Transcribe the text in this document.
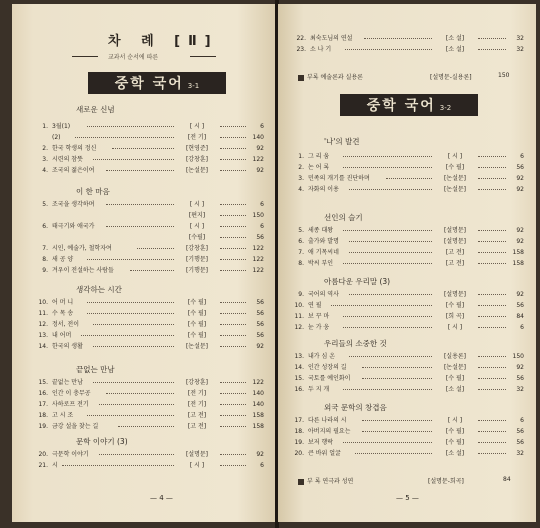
차 례 [Ⅱ]
교과서 순서에 따른
중학 국어 3-1
새로운 신념
1. 3월(1)	[ 시 ]	6
(2)	[전 기]	140
2. 한국 학생의 정신	[현영준]	92
3. 시련의 참뜻	[강창훈]	122
4. 조국의 젊은이여	[논설문]	92
이 한 마음
5. 조국을 생각하며	[ 시 ]	6
[편지]	150
6. 태극기와 애국가	[ 시 ]	6
[수필]	56
7. 시인, 예술가, 철학자여	[강창훈]	122
8. 새 공 양	[기행문]	122
9. 겨우이 전설하는 사람들	[기행문]	122
생각하는 시간
10. 어 머 니	[수 필]	56
11. 수 목 송	[수 필]	56
12. 정서, 전이	[수 필]	56
13. 내 어머	[수 필]	56
14. 한국의 생활	[논설문]	92
끝없는 만남
15. 끝없는 만남	[강창훈]	122
16. 인간 이 충무공	[전 기]	140
17. 사하로프 전기	[전 기]	140
18. 고 시 조	[고 전]	158
19. 금강 설을 찾는 길	[고 전]	158
문학 이야기 (3)
20. 극문학 이야기	[설명문]	92
21. 시	[ 시 ]	6
— 4 —
22. 최숙도님의 연설	[소 설]	32
23. 소 나 기	[소 설]	32
부록 예술론과 실용론	[설명문-실용론]	150
중학 국어 3-2
'나'의 발견
1. 그 리 움	[ 시 ]	6
2. 논 어 록	[수 필]	56
3. 민족의 개기를 진단하며	[논설문]	92
4. 자화의 이용	[논설문]	92
선인의 슬기
5. 세종 대왕	[설명문]	92
6. 출가와 발명	[설명문]	92
7. 애 기목씨네	[고 전]	158
8. 박씨 부인	[고 전]	158
아름다운 우리말 (3)
9. 국어의 역사	[설명문]	92
10. 연 필	[수 필]	56
11. 보 꾸 마	[희 곡]	84
12. 눈 가 웅	[ 시 ]	6
우리들의 소중한 것
13. 내가 심 온	[실용론]	150
14. 인간 성장의 길	[논설문]	92
15. 국토를 예인화이	[수 필]	56
16. 두 지 개	[소 설]	32
외국 문학의 창겹음
17. 다른 나라의 시	[ 시 ]	6
18. 아버지의 필요는	[수 필]	56
19. 보저 행락	[수 필]	56
20. 큰 바위 얼굴	[소 설]	32
부 록 연극과 성연	[설명문-희곡]	84
— 5 —
